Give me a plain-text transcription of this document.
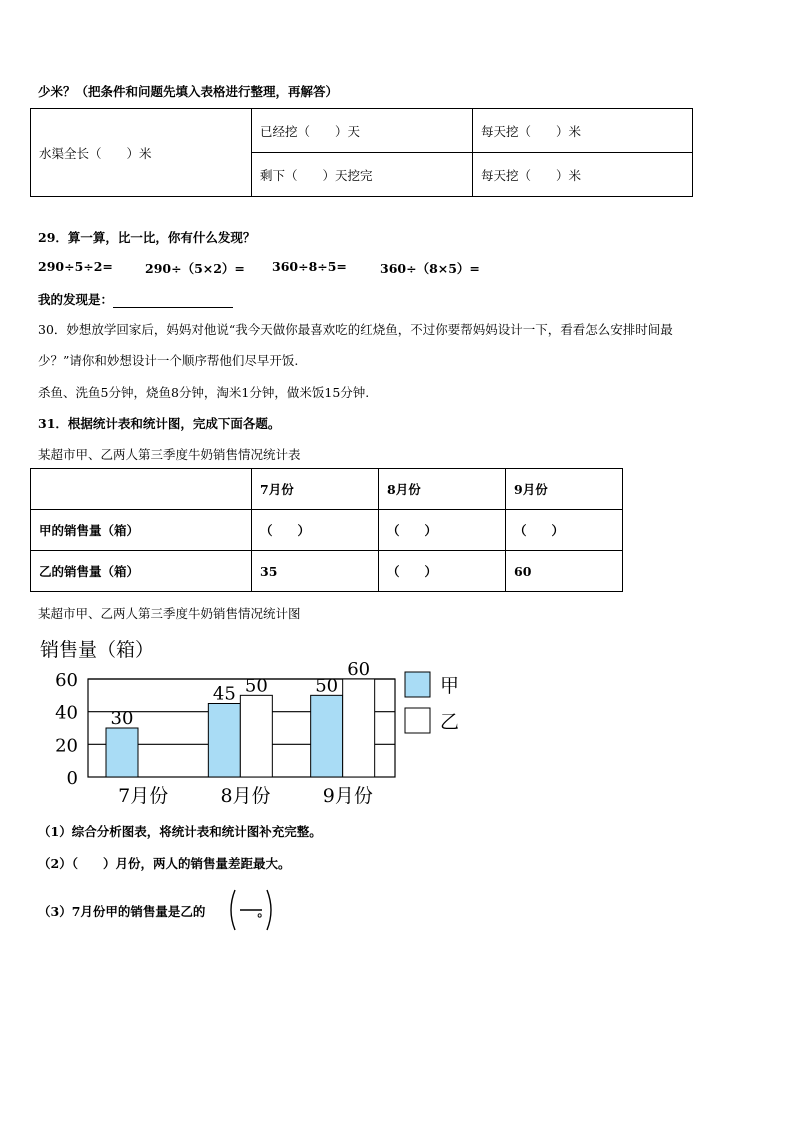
少米？（把条件和问题先填入表格进行整理，再解答）
水渠全长（　　）米	已经挖（　　）天	每天挖（　　）米
	剩下（　　）天挖完	每天挖（　　）米
29．算一算，比一比，你有什么发现？
290÷5÷2=	290÷（5×2）= 360÷8÷5=	360÷（8×5）=
我的发现是：
30．妙想放学回家后，妈妈对他说“我今天做你最喜欢吃的红烧鱼，不过你要帮妈妈设计一下，看看怎么安排时间最
少？”请你和妙想设计一个顺序帮他们尽早开饭.
杀鱼、洗鱼5分钟，烧鱼8分钟，淘米1分钟，做米饭15分钟.
31．根据统计表和统计图，完成下面各题。
某超市甲、乙两人第三季度牛奶销售情况统计表
	7月份	8月份	9月份
甲的销售量（箱）	（　　）	（　　）	（　　）
乙的销售量（箱）	35	（　　）	60
某超市甲、乙两人第三季度牛奶销售情况统计图
销售量（箱）
0
20
40
60
30
7月份
45 50
8月份
50
60
9月份
甲
乙
（1）综合分析图表，将统计表和统计图补充完整。
（2）（　　）月份，两人的销售量差距最大。
（3）7月份甲的销售量是乙的	。
